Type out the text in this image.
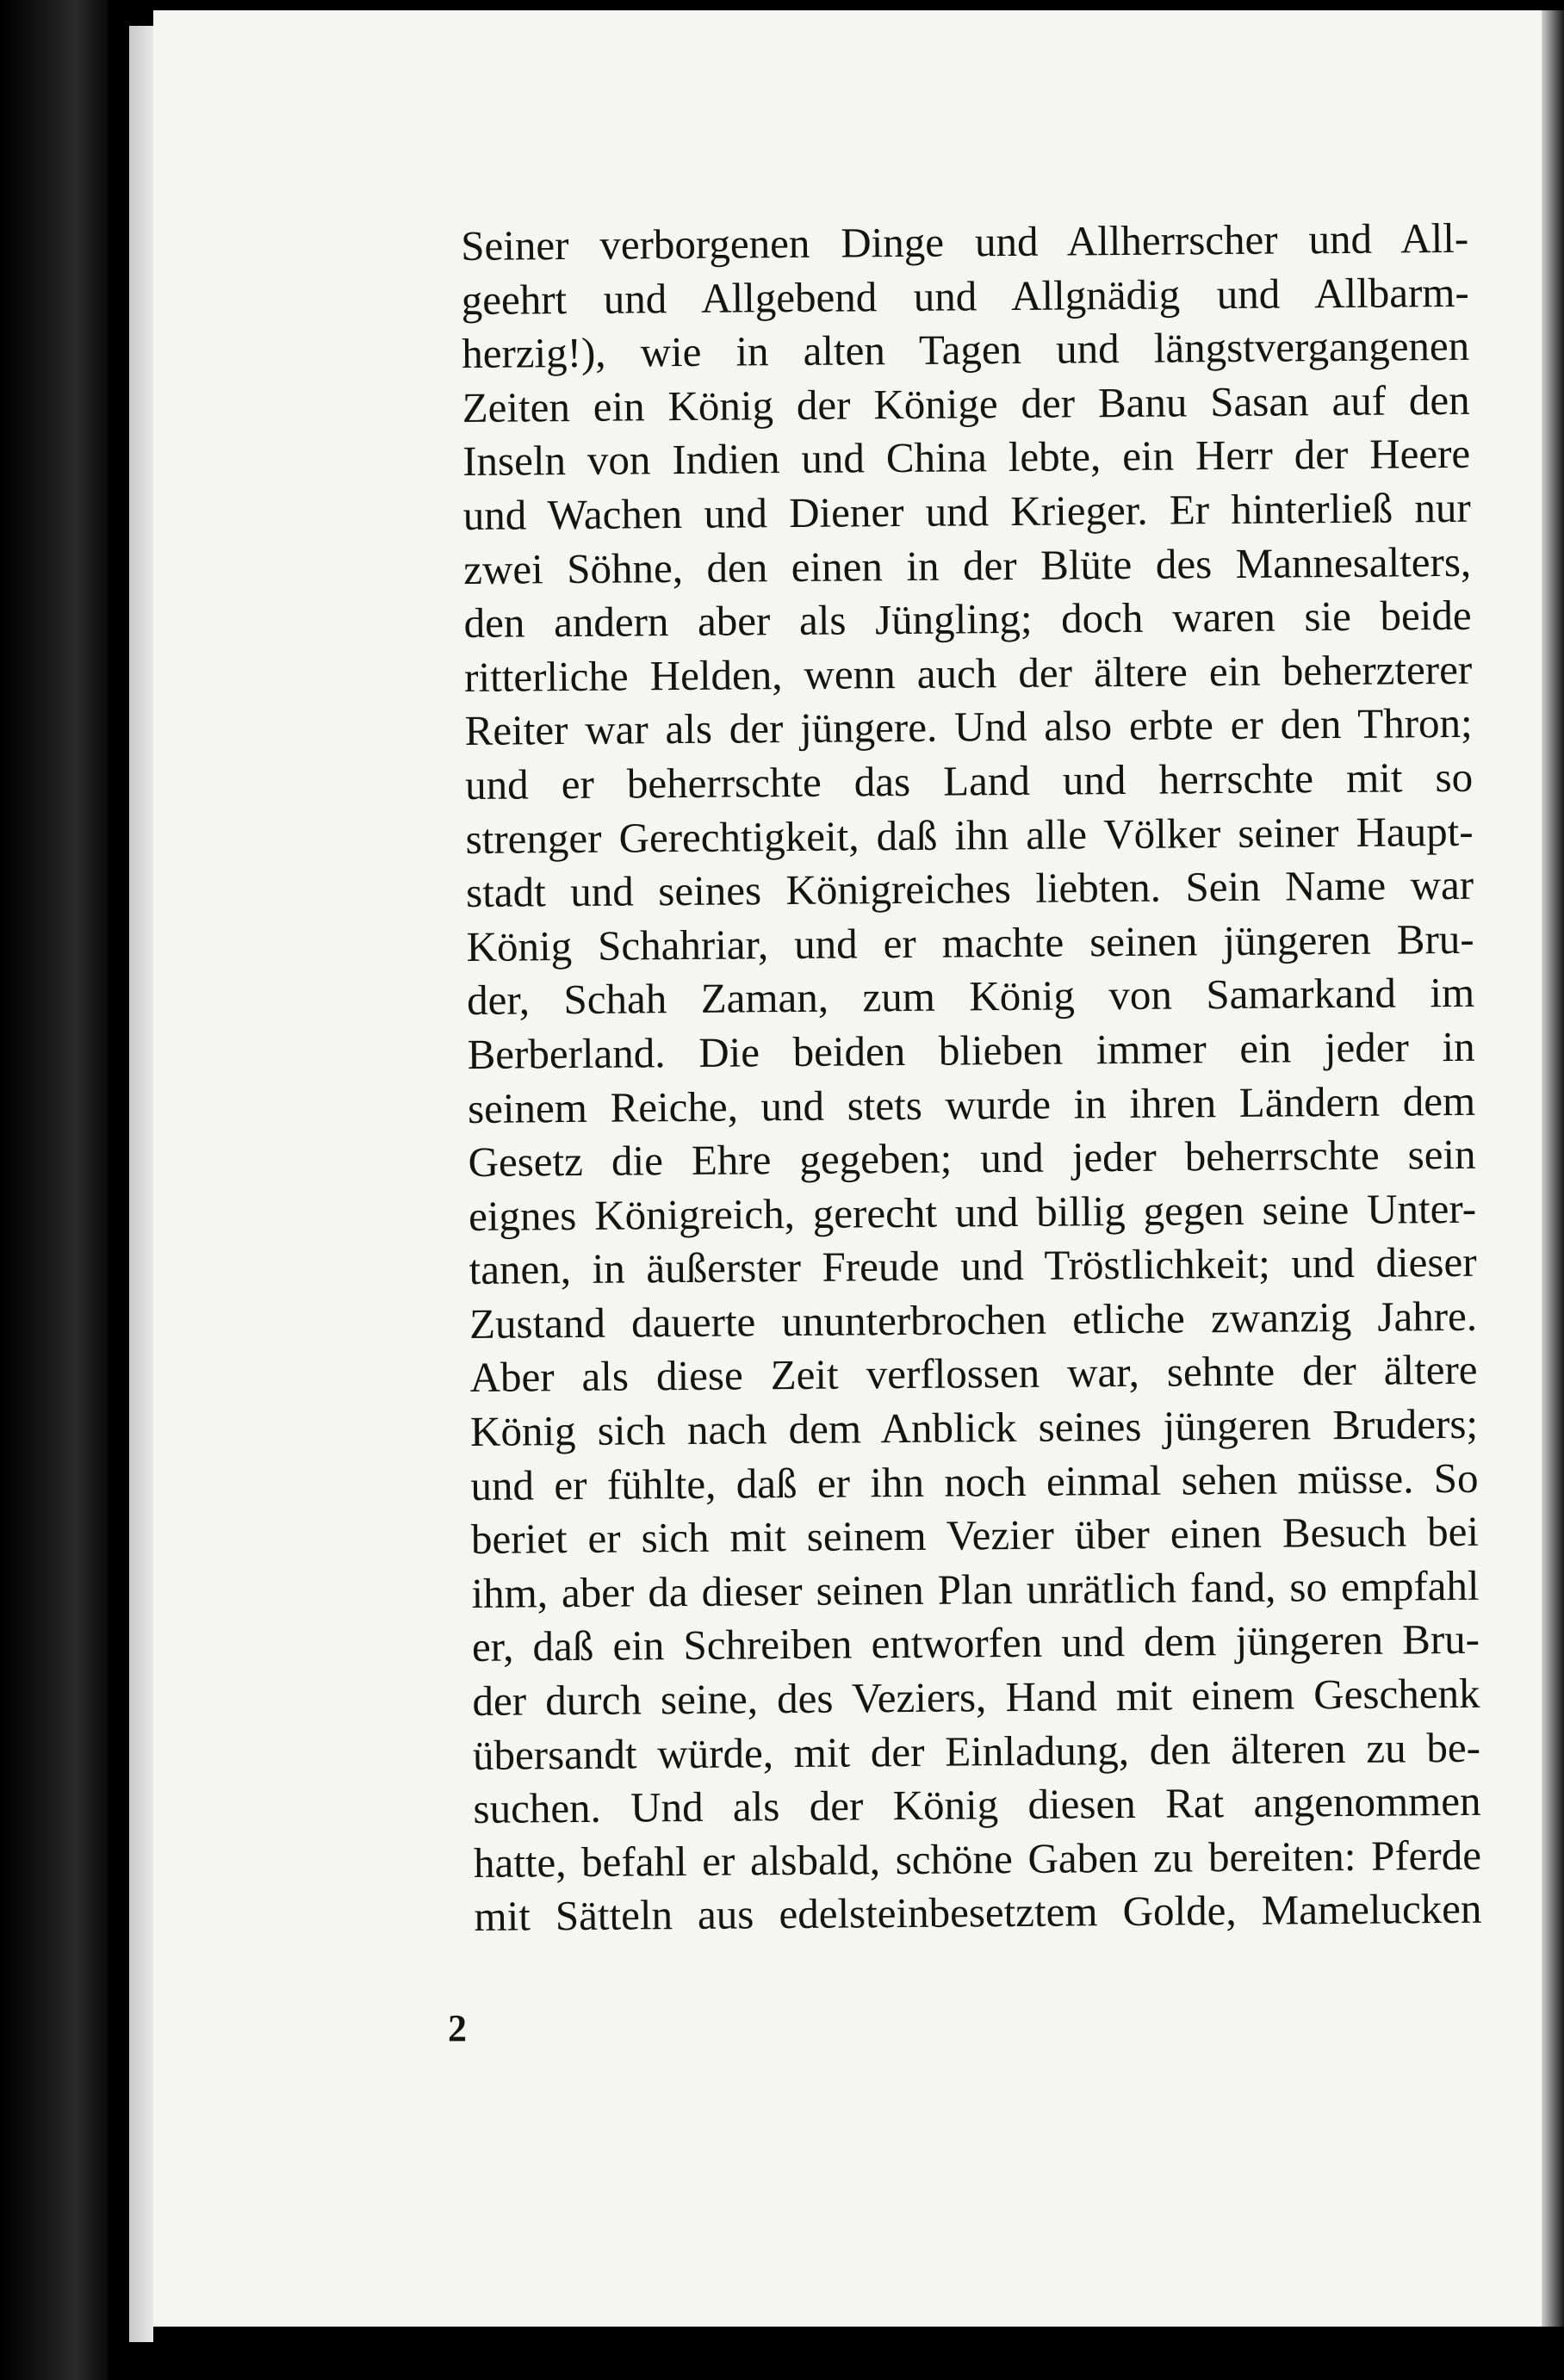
Seiner verborgenen Dinge und Allherrscher und All-
geehrt und Allgebend und Allgnädig und Allbarm-
herzig!), wie in alten Tagen und längstvergangenen
Zeiten ein König der Könige der Banu Sasan auf den
Inseln von Indien und China lebte, ein Herr der Heere
und Wachen und Diener und Krieger. Er hinterließ nur
zwei Söhne, den einen in der Blüte des Mannesalters,
den andern aber als Jüngling; doch waren sie beide
ritterliche Helden, wenn auch der ältere ein beherzterer
Reiter war als der jüngere. Und also erbte er den Thron;
und er beherrschte das Land und herrschte mit so
strenger Gerechtigkeit, daß ihn alle Völker seiner Haupt-
stadt und seines Königreiches liebten. Sein Name war
König Schahriar, und er machte seinen jüngeren Bru-
der, Schah Zaman, zum König von Samarkand im
Berberland. Die beiden blieben immer ein jeder in
seinem Reiche, und stets wurde in ihren Ländern dem
Gesetz die Ehre gegeben; und jeder beherrschte sein
eignes Königreich, gerecht und billig gegen seine Unter-
tanen, in äußerster Freude und Tröstlichkeit; und dieser
Zustand dauerte ununterbrochen etliche zwanzig Jahre.
Aber als diese Zeit verflossen war, sehnte der ältere
König sich nach dem Anblick seines jüngeren Bruders;
und er fühlte, daß er ihn noch einmal sehen müsse. So
beriet er sich mit seinem Vezier über einen Besuch bei
ihm, aber da dieser seinen Plan unrätlich fand, so empfahl
er, daß ein Schreiben entworfen und dem jüngeren Bru-
der durch seine, des Veziers, Hand mit einem Geschenk
übersandt würde, mit der Einladung, den älteren zu be-
suchen. Und als der König diesen Rat angenommen
hatte, befahl er alsbald, schöne Gaben zu bereiten: Pferde
mit Sätteln aus edelsteinbesetztem Golde, Mamelucken
2
